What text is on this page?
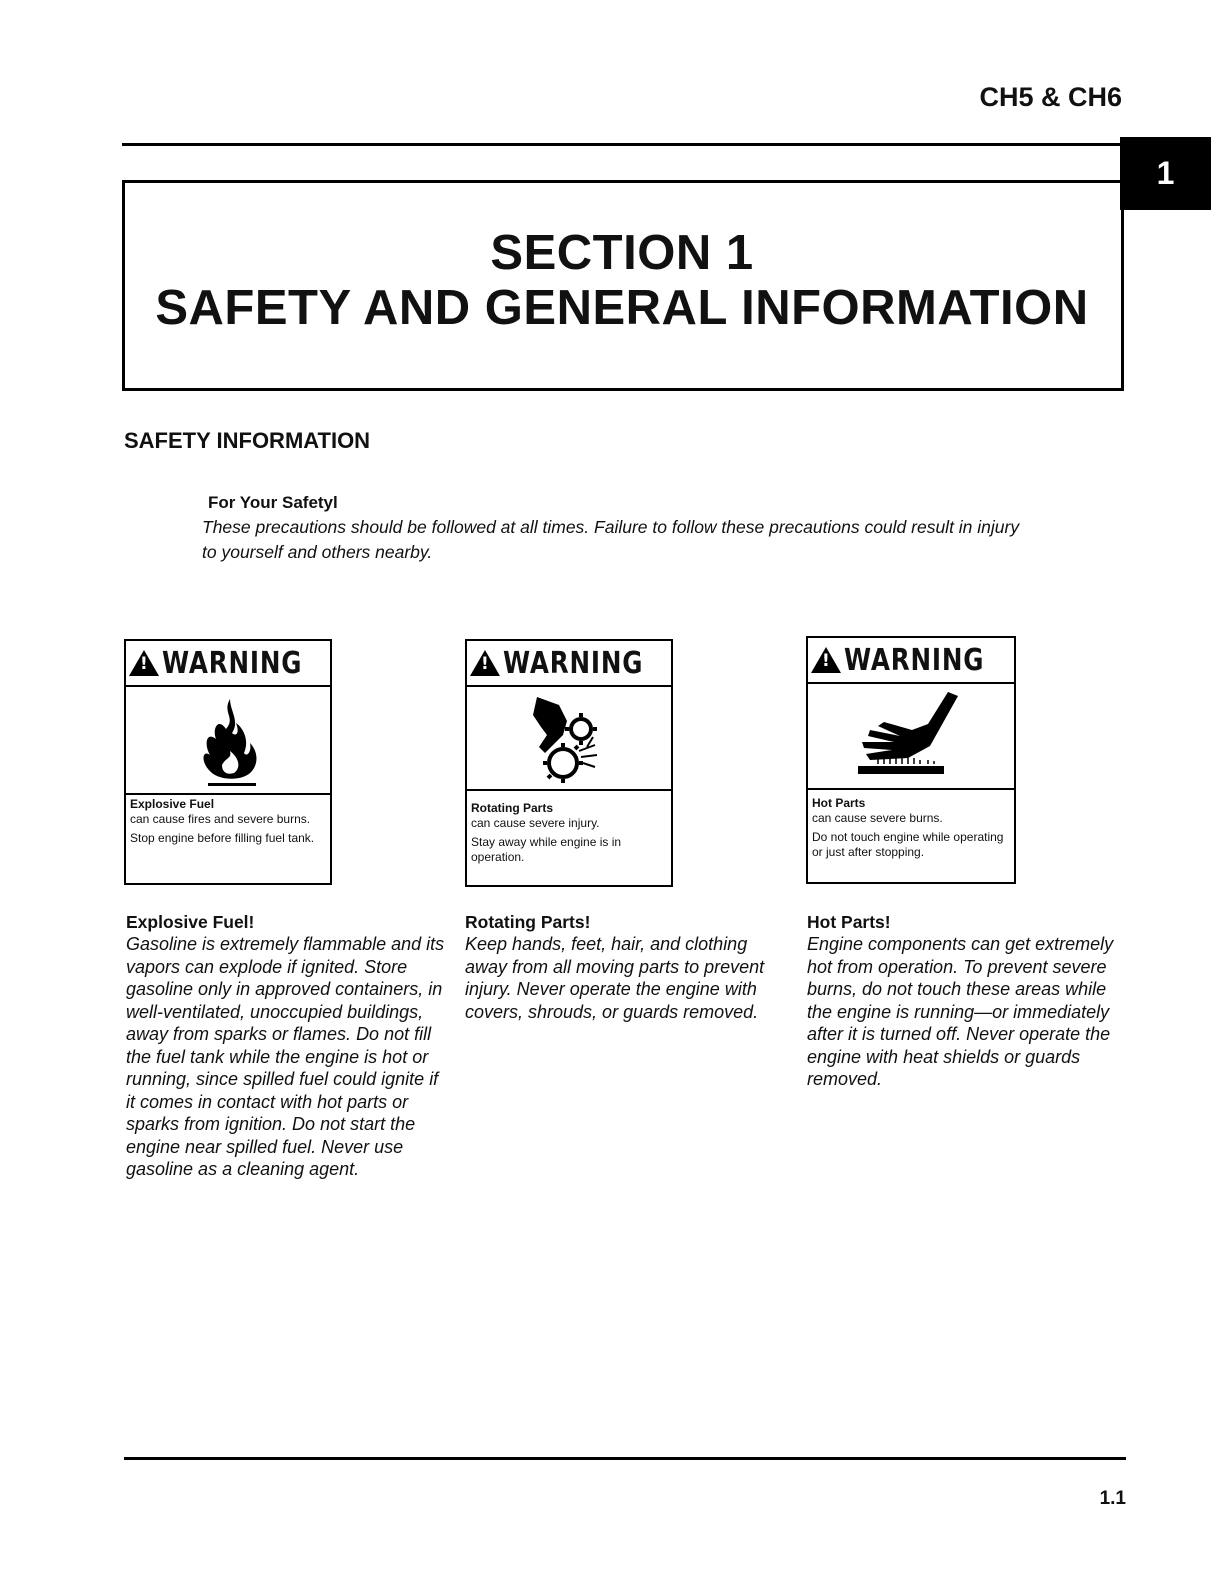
CH5 & CH6
1
SECTION 1
SAFETY AND GENERAL INFORMATION
SAFETY INFORMATION
For Your Safetyl
These precautions should be followed at all times. Failure to follow these precautions could result in injury to yourself and others nearby.
! WARNING
Explosive Fuel
can cause fires and severe burns.
Stop engine before filling fuel tank.
! WARNING
Rotating Parts
can cause severe injury.
Stay away while engine is in operation.
! WARNING
Hot Parts
can cause severe burns.
Do not touch engine while operating or just after stopping.
Explosive Fuel!
Gasoline is extremely flammable and its vapors can explode if ignited. Store gasoline only in approved containers, in well-ventilated, unoccupied buildings, away from sparks or flames. Do not fill the fuel tank while the engine is hot or running, since spilled fuel could ignite if it comes in contact with hot parts or sparks from ignition. Do not start the engine near spilled fuel. Never use gasoline as a cleaning agent.
Rotating Parts!
Keep hands, feet, hair, and clothing away from all moving parts to prevent injury. Never operate the engine with covers, shrouds, or guards removed.
Hot Parts!
Engine components can get extremely hot from operation. To prevent severe burns, do not touch these areas while the engine is running—or immediately after it is turned off. Never operate the engine with heat shields or guards removed.
1.1
